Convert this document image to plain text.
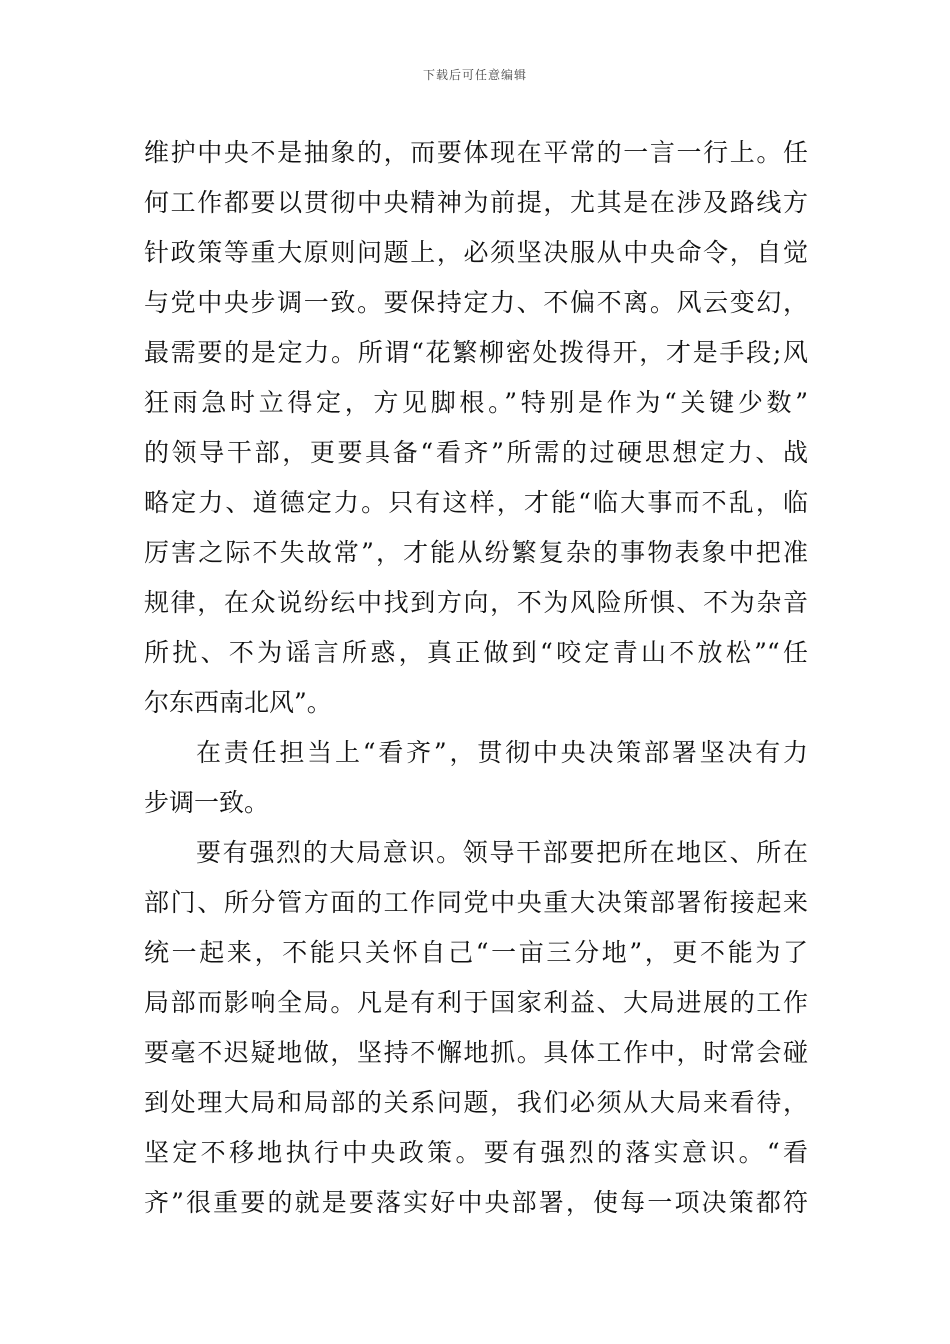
下载后可任意编辑
维护中央不是抽象的，而要体现在平常的一言一行上。任
何工作都要以贯彻中央精神为前提，尤其是在涉及路线方
针政策等重大原则问题上，必须坚决服从中央命令，自觉
与党中央步调一致。要保持定力、不偏不离。风云变幻，
最需要的是定力。所谓“花繁柳密处拨得开，才是手段;风
狂雨急时立得定，方见脚根。”特别是作为“关键少数”
的领导干部，更要具备“看齐”所需的过硬思想定力、战
略定力、道德定力。只有这样，才能“临大事而不乱，临
厉害之际不失故常”，才能从纷繁复杂的事物表象中把准
规律，在众说纷纭中找到方向，不为风险所惧、不为杂音
所扰、不为谣言所惑，真正做到“咬定青山不放松”“任
尔东西南北风”。
在责任担当上“看齐”，贯彻中央决策部署坚决有力
步调一致。
要有强烈的大局意识。领导干部要把所在地区、所在
部门、所分管方面的工作同党中央重大决策部署衔接起来
统一起来，不能只关怀自己“一亩三分地”，更不能为了
局部而影响全局。凡是有利于国家利益、大局进展的工作
要毫不迟疑地做，坚持不懈地抓。具体工作中，时常会碰
到处理大局和局部的关系问题，我们必须从大局来看待，
坚定不移地执行中央政策。要有强烈的落实意识。“看
齐”很重要的就是要落实好中央部署，使每一项决策都符
